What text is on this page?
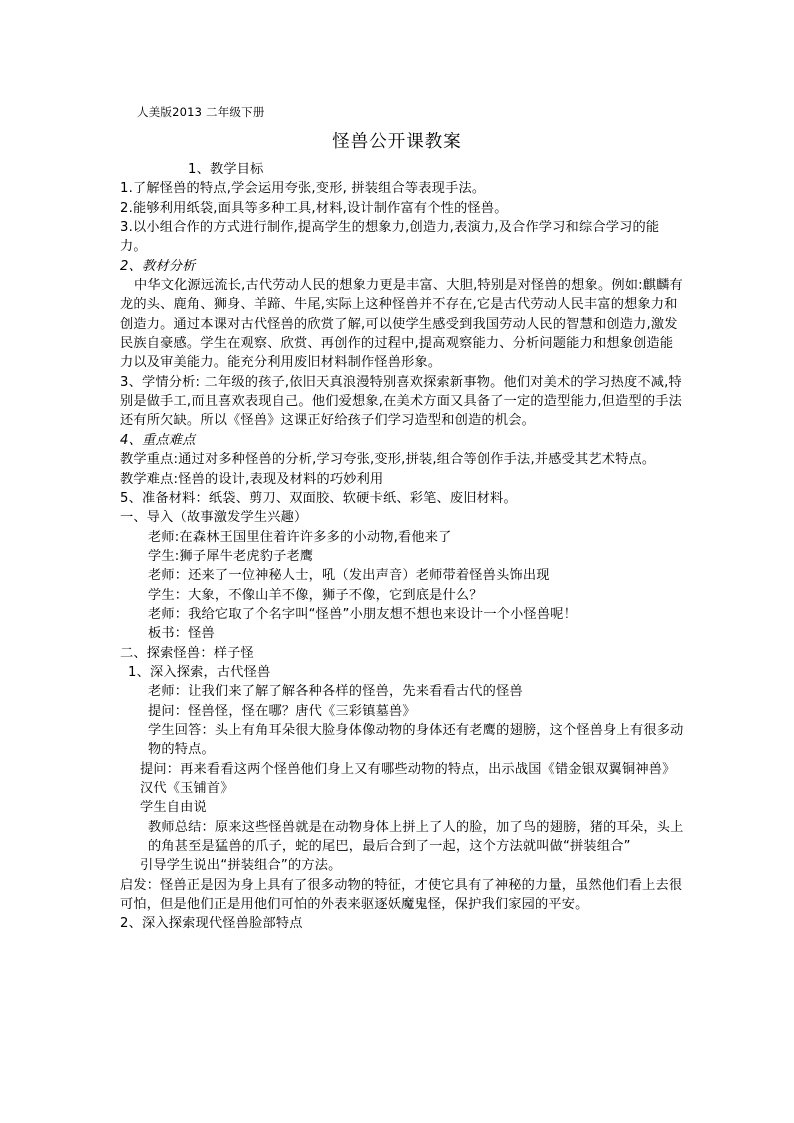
人美版2013 二年级下册
怪兽公开课教案

1、教学目标

1.了解怪兽的特点,学会运用夸张,变形, 拼装组合等表现手法。

2.能够利用纸袋,面具等多种工具,材料,设计制作富有个性的怪兽。

3.以小组合作的方式进行制作,提高学生的想象力,创造力,表演力,及合作学习和综合学习的能力。

2、教材分析

中华文化源远流长,古代劳动人民的想象力更是丰富、大胆,特别是对怪兽的想象。例如:麒麟有龙的头、鹿角、狮身、羊蹄、牛尾,实际上这种怪兽并不存在,它是古代劳动人民丰富的想象力和创造力。通过本课对古代怪兽的欣赏了解,可以使学生感受到我国劳动人民的智慧和创造力,激发民族自豪感。学生在观察、欣赏、再创作的过程中,提高观察能力、分析问题能力和想象创造能力以及审美能力。能充分利用废旧材料制作怪兽形象。

3、学情分析: 二年级的孩子,依旧天真浪漫特别喜欢探索新事物。他们对美术的学习热度不减,特别是做手工,而且喜欢表现自己。他们爱想象,在美术方面又具备了一定的造型能力,但造型的手法还有所欠缺。所以《怪兽》这课正好给孩子们学习造型和创造的机会。

4、重点难点

教学重点:通过对多种怪兽的分析,学习夸张,变形,拼装,组合等创作手法,并感受其艺术特点。

教学难点:怪兽的设计,表现及材料的巧妙利用

5、准备材料：纸袋、剪刀、双面胶、软硬卡纸、彩笔、废旧材料。

一、导入（故事激发学生兴趣）

老师:在森林王国里住着许许多多的小动物,看他来了

学生:狮子犀牛老虎豹子老鹰

老师：还来了一位神秘人士，吼（发出声音）老师带着怪兽头饰出现

学生：大象，不像山羊不像，狮子不像，它到底是什么？

老师：我给它取了个名字叫“怪兽”小朋友想不想也来设计一个小怪兽呢！

板书：怪兽

二、探索怪兽：样子怪

1、深入探索，古代怪兽

老师：让我们来了解了解各种各样的怪兽，先来看看古代的怪兽

提问：怪兽怪，怪在哪？唐代《三彩镇墓兽》

学生回答：头上有角耳朵很大脸身体像动物的身体还有老鹰的翅膀，这个怪兽身上有很多动物的特点。

提问：再来看看这两个怪兽他们身上又有哪些动物的特点，出示战国《错金银双翼铜神兽》汉代《玉铺首》

学生自由说

教师总结：原来这些怪兽就是在动物身体上拼上了人的脸，加了鸟的翅膀，猪的耳朵，头上的角甚至是猛兽的爪子，蛇的尾巴，最后合到了一起，这个方法就叫做“拼装组合”

引导学生说出“拼装组合”的方法。

启发：怪兽正是因为身上具有了很多动物的特征，才使它具有了神秘的力量，虽然他们看上去很可怕，但是他们正是用他们可怕的外表来驱逐妖魔鬼怪，保护我们家园的平安。

2、深入探索现代怪兽脸部特点
